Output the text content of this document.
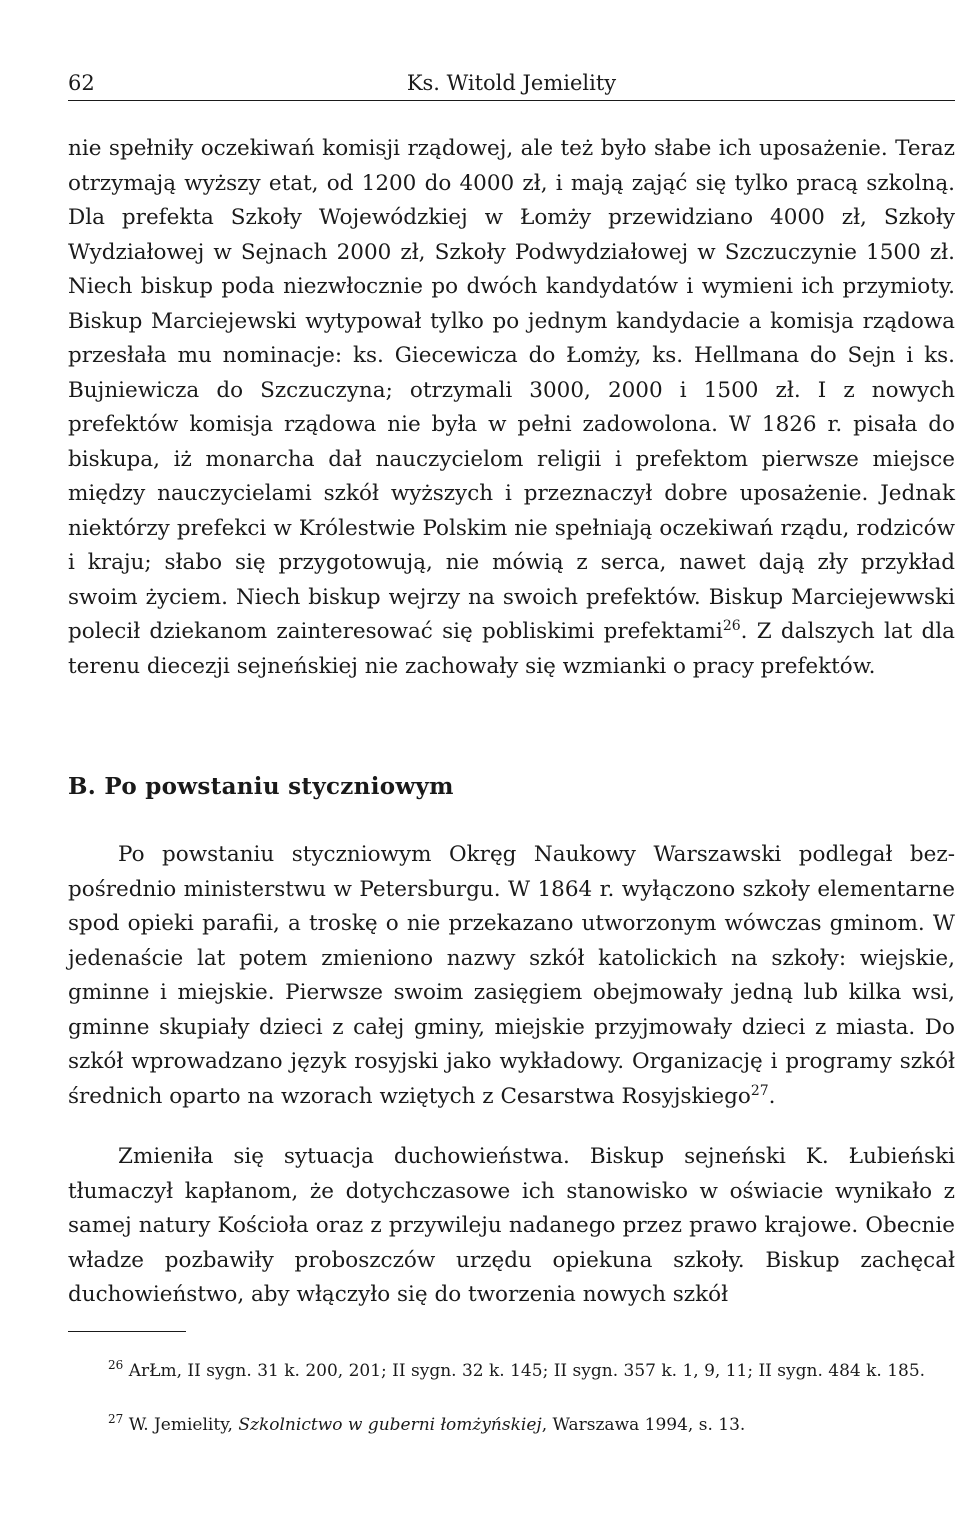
62	Ks. Witold Jemielity

nie spełniły oczekiwań komisji rządowej, ale też było słabe ich uposażenie. Teraz otrzymają wyższy etat, od 1200 do 4000 zł, i mają zająć się tylko pracą szkolną. Dla prefekta Szkoły Wojewódzkiej w Łomży przewidziano 4000 zł, Szkoły Wydziałowej w Sejnach 2000 zł, Szkoły Podwydziałowej w Szczuczynie 1500 zł. Niech biskup poda niezwłocznie po dwóch kandydatów i wymieni ich przymioty. Biskup Marciejewski wytypował tylko po jednym kandydacie a komisja rządowa przesłała mu nominacje: ks. Giecewicza do Łomży, ks. Hellmana do Sejn i ks. Bujniewicza do Szczuczyna; otrzymali 3000, 2000 i 1500 zł. I z nowych prefektów komisja rządowa nie była w pełni zadowolona. W 1826 r. pisała do biskupa, iż monarcha dał nauczycielom religii i prefektom pierwsze miejsce między nauczycielami szkół wyższych i przeznaczył dobre uposażenie. Jednak niektórzy prefekci w Królestwie Polskim nie spełniają oczekiwań rządu, rodziców i kraju; słabo się przygotowują, nie mówią z serca, nawet dają zły przykład swoim życiem. Niech biskup wejrzy na swoich prefektów. Biskup Marciejewwski polecił dziekanom zainteresować się pobliskimi prefektami$^{26}$. Z dalszych lat dla terenu diecezji sejneńskiej nie zachowały się wzmianki o pracy prefektów.

B. Po powstaniu styczniowym

Po powstaniu styczniowym Okręg Naukowy Warszawski podlegał bezpośrednio ministerstwu w Petersburgu. W 1864 r. wyłączono szkoły elementarne spod opieki parafii, a troskę o nie przekazano utworzonym wówczas gminom. W jedenaście lat potem zmieniono nazwy szkół katolickich na szkoły: wiejskie, gminne i miejskie. Pierwsze swoim zasięgiem obejmowały jedną lub kilka wsi, gminne skupiały dzieci z całej gminy, miejskie przyjmowały dzieci z miasta. Do szkół wprowadzano język rosyjski jako wykładowy. Organizację i programy szkół średnich oparto na wzorach wziętych z Cesarstwa Rosyjskiego$^{27}$.

Zmieniła się sytuacja duchowieństwa. Biskup sejneński K. Łubieński tłumaczył kapłanom, że dotychczasowe ich stanowisko w oświacie wynikało z samej natury Kościoła oraz z przywileju nadanego przez prawo krajowe. Obecnie władze pozbawiły proboszczów urzędu opiekuna szkoły. Biskup zachęcał duchowieństwo, aby włączyło się do tworzenia nowych szkół

$^{26}$ ArŁm, II sygn. 31 k. 200, 201; II sygn. 32 k. 145; II sygn. 357 k. 1, 9, 11; II sygn. 484 k. 185.

$^{27}$ W. Jemielity, Szkolnictwo w guberni łomżyńskiej, Warszawa 1994, s. 13.
